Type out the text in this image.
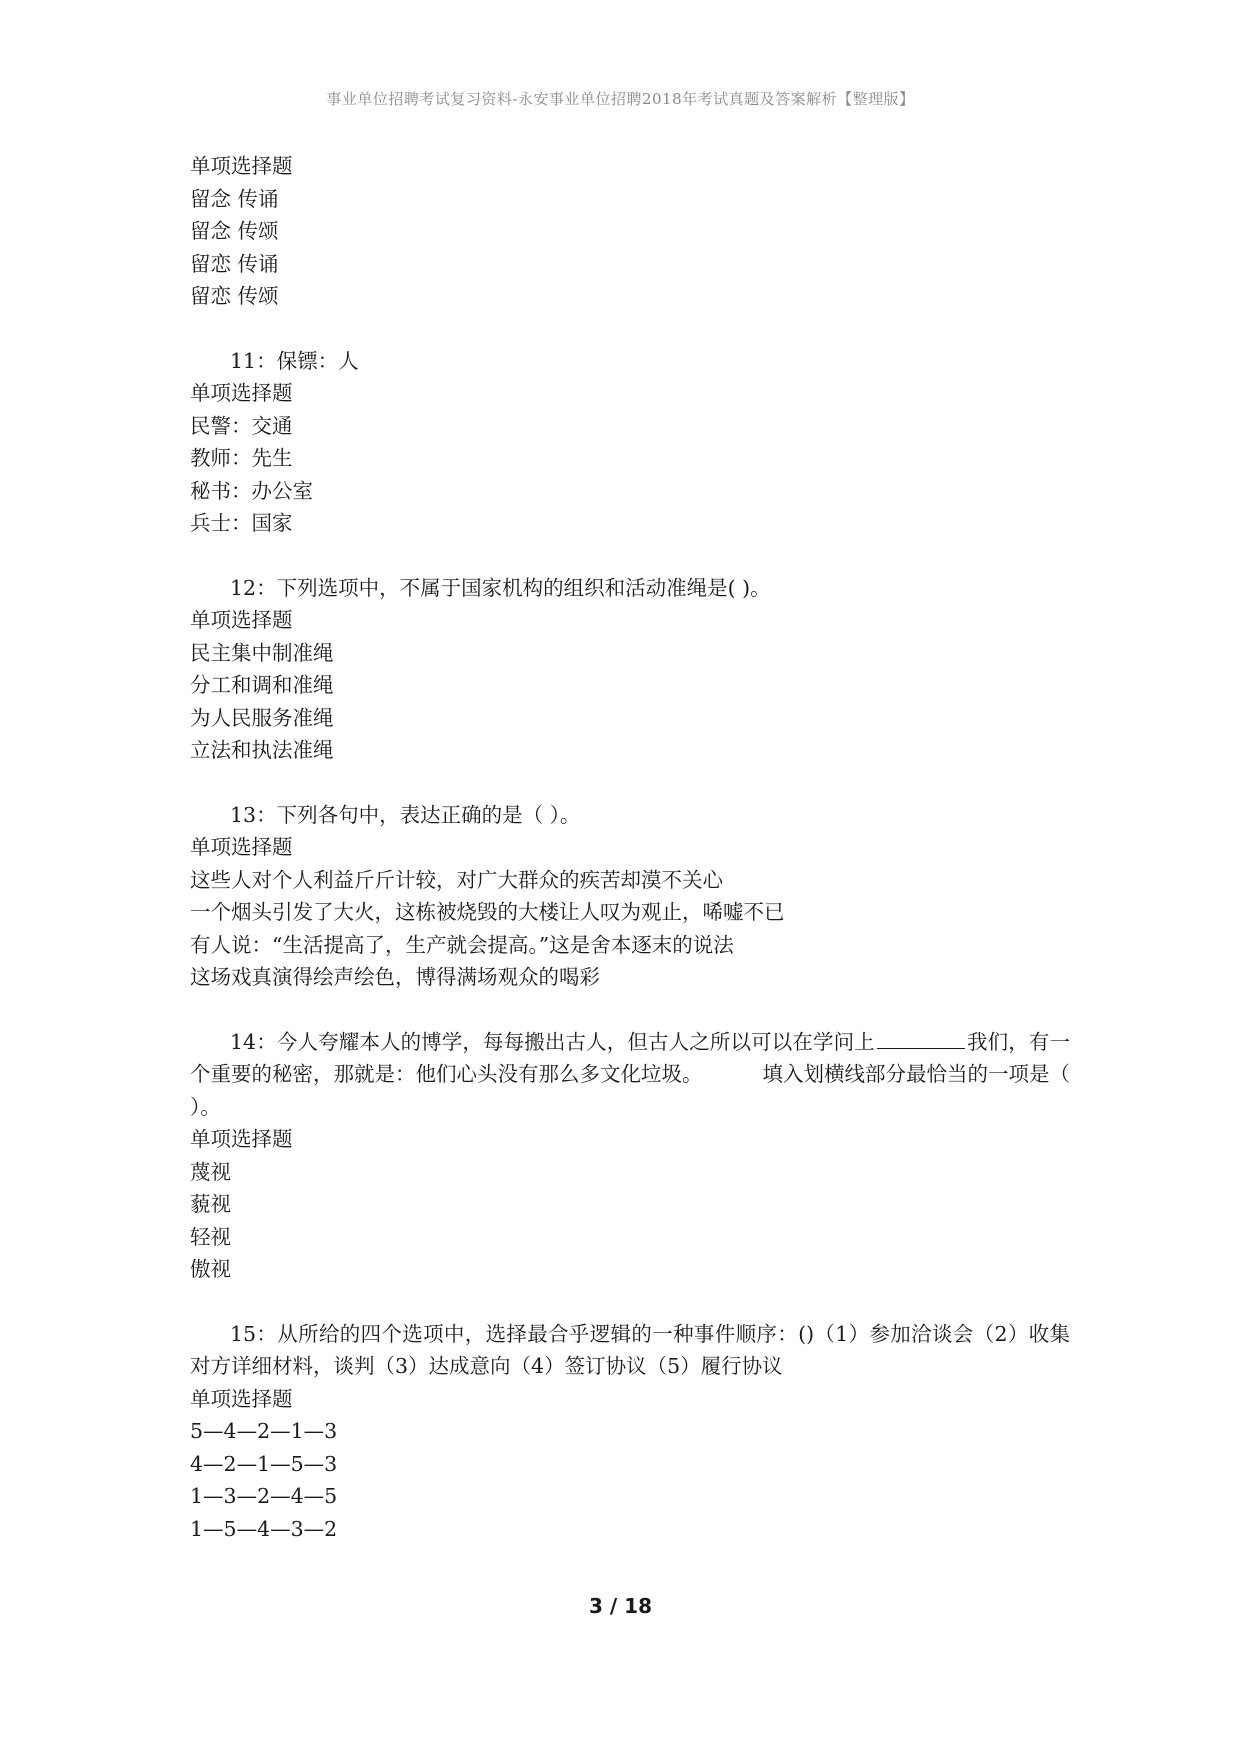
事业单位招聘考试复习资料-永安事业单位招聘2018年考试真题及答案解析【整理版】
单项选择题
留念 传诵
留念 传颂
留恋 传诵
留恋 传颂
11：保镖：人
单项选择题
民警：交通
教师：先生
秘书：办公室
兵士：国家
12：下列选项中，不属于国家机构的组织和活动准绳是( )。
单项选择题
民主集中制准绳
分工和调和准绳
为人民服务准绳
立法和执法准绳
13：下列各句中，表达正确的是（ ）。
单项选择题
这些人对个人利益斤斤计较，对广大群众的疾苦却漠不关心
一个烟头引发了大火，这栋被烧毁的大楼让人叹为观止，唏嘘不已
有人说：“生活提高了，生产就会提高。”这是舍本逐末的说法
这场戏真演得绘声绘色，博得满场观众的喝彩
14：今人夸耀本人的博学，每每搬出古人，但古人之所以可以在学问上	我们，有一个重要的秘密，那就是：他们心头没有那么多文化垃圾。	填入划横线部分最恰当的一项是（ ）。
单项选择题
蔑视
藐视
轻视
傲视
15：从所给的四个选项中，选择最合乎逻辑的一种事件顺序：()（1）参加洽谈会（2）收集对方详细材料，谈判（3）达成意向（4）签订协议（5）履行协议
单项选择题
5—4—2—1—3
4—2—1—5—3
1—3—2—4—5
1—5—4—3—2
3 / 18
